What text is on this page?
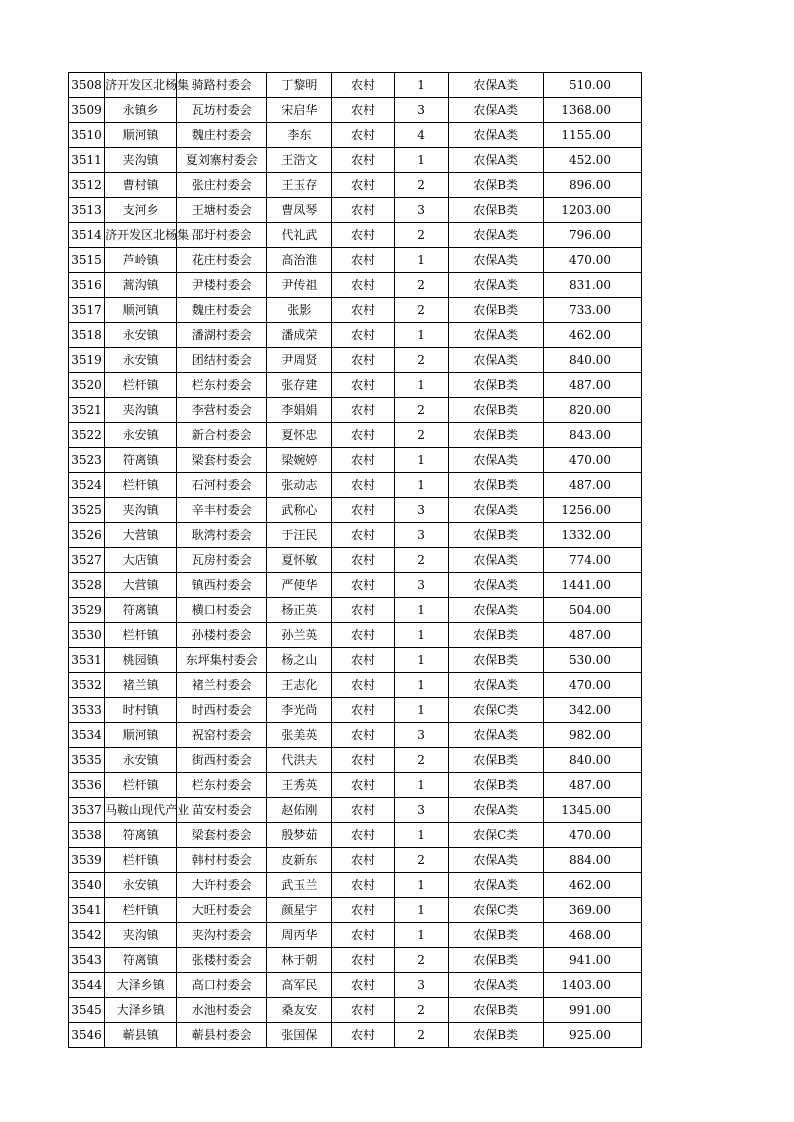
3508	济开发区北杨集	骑路村委会	丁黎明	农村	1	农保A类	510.00
3509	永镇乡	瓦坊村委会	宋启华	农村	3	农保A类	1368.00
3510	顺河镇	魏庄村委会	李东	农村	4	农保A类	1155.00
3511	夹沟镇	夏刘寨村委会	王浩文	农村	1	农保A类	452.00
3512	曹村镇	张庄村委会	王玉存	农村	2	农保B类	896.00
3513	支河乡	王塘村委会	曹凤琴	农村	3	农保B类	1203.00
3514	济开发区北杨集	邵圩村委会	代礼武	农村	2	农保A类	796.00
3515	芦岭镇	花庄村委会	高治淮	农村	1	农保A类	470.00
3516	蒿沟镇	尹楼村委会	尹传祖	农村	2	农保A类	831.00
3517	顺河镇	魏庄村委会	张影	农村	2	农保B类	733.00
3518	永安镇	潘湖村委会	潘成荣	农村	1	农保A类	462.00
3519	永安镇	团结村委会	尹周贤	农村	2	农保A类	840.00
3520	栏杆镇	栏东村委会	张存建	农村	1	农保B类	487.00
3521	夹沟镇	李营村委会	李娟娟	农村	2	农保B类	820.00
3522	永安镇	新合村委会	夏怀忠	农村	2	农保B类	843.00
3523	符离镇	梁套村委会	梁婉婷	农村	1	农保A类	470.00
3524	栏杆镇	石河村委会	张动志	农村	1	农保B类	487.00
3525	夹沟镇	辛丰村委会	武称心	农村	3	农保A类	1256.00
3526	大营镇	耿湾村委会	于汪民	农村	3	农保B类	1332.00
3527	大店镇	瓦房村委会	夏怀敏	农村	2	农保A类	774.00
3528	大营镇	镇西村委会	严使华	农村	3	农保A类	1441.00
3529	符离镇	横口村委会	杨正英	农村	1	农保A类	504.00
3530	栏杆镇	孙楼村委会	孙兰英	农村	1	农保B类	487.00
3531	桃园镇	东坪集村委会	杨之山	农村	1	农保B类	530.00
3532	褚兰镇	褚兰村委会	王志化	农村	1	农保A类	470.00
3533	时村镇	时西村委会	李光尚	农村	1	农保C类	342.00
3534	顺河镇	祝窑村委会	张美英	农村	3	农保A类	982.00
3535	永安镇	街西村委会	代洪夫	农村	2	农保B类	840.00
3536	栏杆镇	栏东村委会	王秀英	农村	1	农保B类	487.00
3537	马鞍山现代产业	苗安村委会	赵佑刚	农村	3	农保A类	1345.00
3538	符离镇	梁套村委会	殷梦茹	农村	1	农保C类	470.00
3539	栏杆镇	韩村村委会	皮新东	农村	2	农保A类	884.00
3540	永安镇	大许村委会	武玉兰	农村	1	农保A类	462.00
3541	栏杆镇	大旺村委会	颜星宇	农村	1	农保C类	369.00
3542	夹沟镇	夹沟村委会	周丙华	农村	1	农保B类	468.00
3543	符离镇	张楼村委会	林于朝	农村	2	农保B类	941.00
3544	大泽乡镇	高口村委会	高军民	农村	3	农保A类	1403.00
3545	大泽乡镇	水池村委会	桑友安	农村	2	农保B类	991.00
3546	蕲县镇	蕲县村委会	张国保	农村	2	农保B类	925.00
